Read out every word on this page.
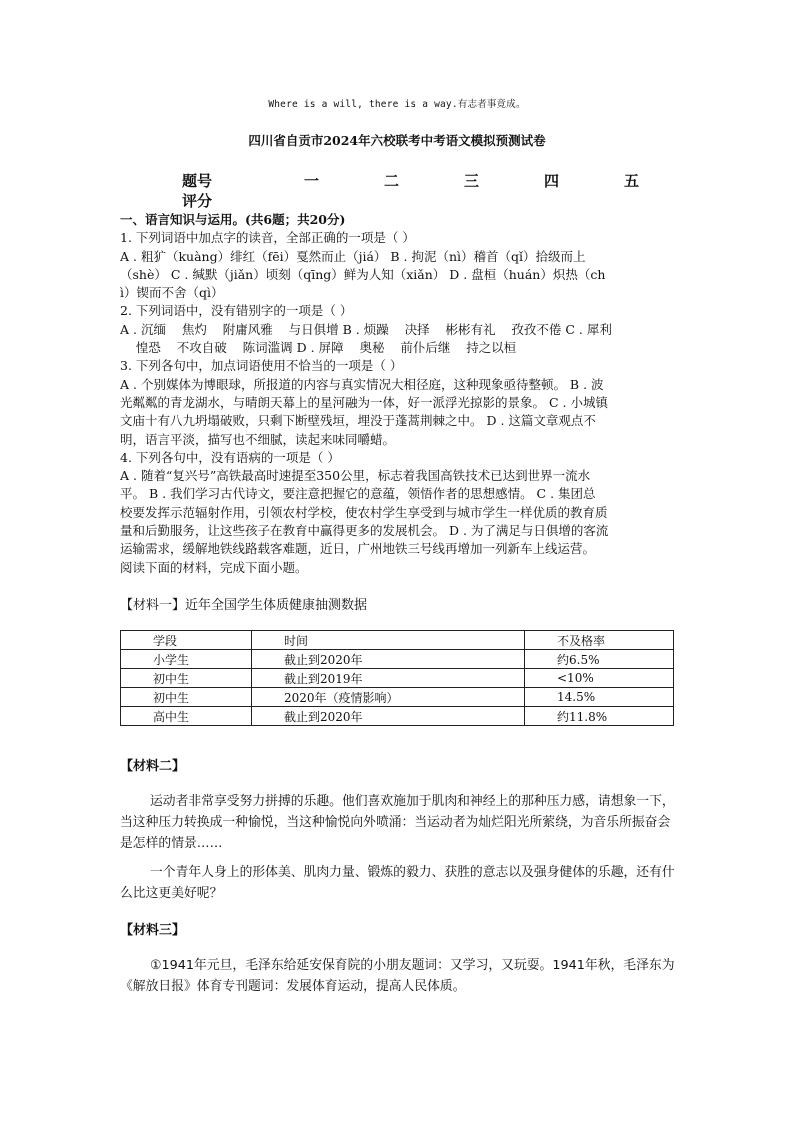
Where is a will, there is a way.有志者事竟成。
四川省自贡市2024年六校联考中考语文模拟预测试卷
题号	一	二	三	四	五
评分

一、语言知识与运用。(共6题；共20分)

1. 下列词语中加点字的读音，全部正确的一项是（ ）

A . 粗犷（kuàng）绯红（fēi）戛然而止（jiá） B . 拘泥（nì）稽首（qǐ）拾级而上

（shè） C . 缄默（jiǎn）顷刻（qīng）鲜为人知（xiǎn） D . 盘桓（huán）炽热（ch

ì）锲而不舍（qì）

2. 下列词语中，没有错别字的一项是（ ）

A . 沉缅    焦灼    附庸风雅    与日俱增 B . 烦躁    决择    彬彬有礼    孜孜不倦 C . 犀利

惶恐    不攻自破    陈词滥调 D . 屏障    奥秘    前仆后继    持之以桓

3. 下列各句中，加点词语使用不恰当的一项是（ ）

A . 个别媒体为博眼球，所报道的内容与真实情况大相径庭，这种现象亟待整顿。 B . 波

光粼粼的青龙湖水，与晴朗天幕上的星河融为一体，好一派浮光掠影的景象。 C . 小城镇

文庙十有八九坍塌破败，只剩下断壁残垣，埋没于蓬蒿荆棘之中。 D . 这篇文章观点不

明，语言平淡，描写也不细腻，读起来味同嚼蜡。

4. 下列各句中，没有语病的一项是（ ）

A . 随着“复兴号”高铁最高时速提至350公里，标志着我国高铁技术已达到世界一流水

平。 B . 我们学习古代诗文，要注意把握它的意蕴，领悟作者的思想感情。 C . 集团总

校要发挥示范辐射作用，引领农村学校，使农村学生享受到与城市学生一样优质的教育质

量和后勤服务，让这些孩子在教育中赢得更多的发展机会。 D . 为了满足与日俱增的客流

运输需求，缓解地铁线路载客难题，近日，广州地铁三号线再增加一列新车上线运营。

阅读下面的材料，完成下面小题。

【材料一】近年全国学生体质健康抽测数据
学段	时间	不及格率
小学生	截止到2020年	约6.5%
初中生	截止到2019年	<10%
初中生	2020年（疫情影响）	14.5%
高中生	截止到2020年	约11.8%
【材料二】

运动者非常享受努力拼搏的乐趣。他们喜欢施加于肌肉和神经上的那种压力感，请想象一下，当这种压力转换成一种愉悦，当这种愉悦向外喷涌：当运动者为灿烂阳光所萦绕，为音乐所振奋会是怎样的情景……

一个青年人身上的形体美、肌肉力量、锻炼的毅力、获胜的意志以及强身健体的乐趣，还有什么比这更美好呢？

【材料三】

①1941年元旦，毛泽东给延安保育院的小朋友题词：又学习，又玩耍。1941年秋，毛泽东为《解放日报》体育专刊题词：发展体育运动，提高人民体质。
